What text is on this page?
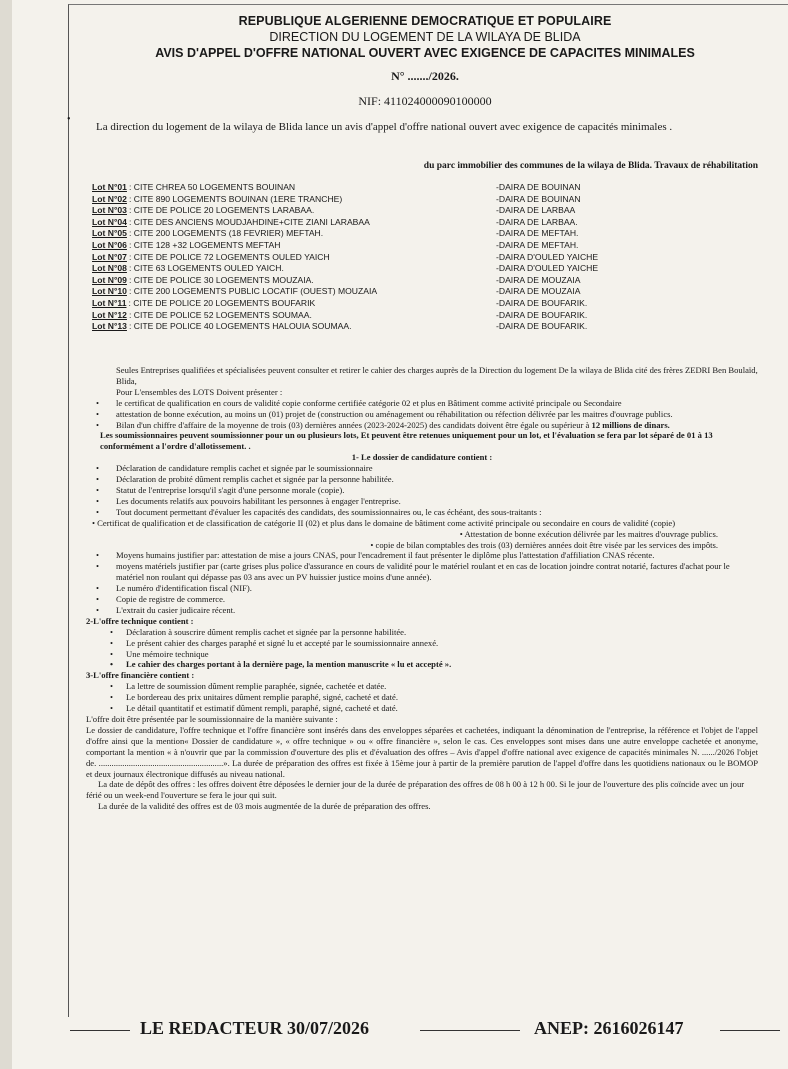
•
REPUBLIQUE ALGERIENNE DEMOCRATIQUE ET POPULAIRE
DIRECTION DU LOGEMENT DE LA WILAYA DE BLIDA
AVIS D'APPEL D'OFFRE NATIONAL OUVERT AVEC EXIGENCE DE CAPACITES MINIMALES
N° ......./2026.
NIF: 411024000090100000
La direction du logement de la wilaya de Blida lance un avis d'appel d'offre national ouvert avec exigence de capacités minimales .
du parc immobilier des communes de la wilaya de Blida. Travaux de réhabilitation
Lot N°01 : CITE CHREA 50 LOGEMENTS BOUINAN	-DAIRA DE BOUINAN
Lot N°02 : CITE 890 LOGEMENTS BOUINAN (1ERE TRANCHE)	-DAIRA DE BOUINAN
Lot N°03 : CITE DE POLICE 20 LOGEMENTS LARABAA.	-DAIRA DE LARBAA
Lot N°04 : CITE DES ANCIENS MOUDJAHDINE+CITE ZIANI LARABAA	-DAIRA DE LARBAA.
Lot N°05 : CITE 200 LOGEMENTS (18 FEVRIER) MEFTAH.	-DAIRA DE MEFTAH.
Lot N°06 : CITE 128 +32 LOGEMENTS MEFTAH	-DAIRA DE MEFTAH.
Lot N°07 : CITE DE POLICE 72 LOGEMENTS OULED YAICH	-DAIRA D'OULED YAICHE
Lot N°08 : CITE 63 LOGEMENTS OULED YAICH.	-DAIRA D'OULED YAICHE
Lot N°09 : CITE DE POLICE 30 LOGEMENTS MOUZAIA.	-DAIRA DE MOUZAIA
Lot N°10 : CITE 200 LOGEMENTS PUBLIC LOCATIF (OUEST) MOUZAIA	-DAIRA DE MOUZAIA
Lot N°11 : CITE DE POLICE 20 LOGEMENTS BOUFARIK	-DAIRA DE BOUFARIK.
Lot N°12 : CITE DE POLICE 52 LOGEMENTS SOUMAA.	-DAIRA DE BOUFARIK.
Lot N°13 : CITE DE POLICE 40 LOGEMENTS HALOUIA SOUMAA.	-DAIRA DE BOUFARIK.

Seules Entreprises qualifiées et spécialisées peuvent consulter et retirer le cahier des charges auprès de la Direction du logement De la wilaya de Blida cité des frères ZEDRI Ben Boulaïd, Blida,

Pour L'ensembles des LOTS Doivent présenter :

• le certificat de qualification en cours de validité copie conforme certifiée catégorie 02 et plus en Bâtiment comme activité principale ou Secondaire

• attestation de bonne exécution, au moins un (01) projet de (construction ou aménagement ou réhabilitation ou réfection délivrée par les maitres d'ouvrage publics.

• Bilan d'un chiffre d'affaire de la moyenne de trois (03) dernières années (2023-2024-2025) des candidats doivent être égale ou supérieur à 12 millions de dinars.

Les soumissionnaires peuvent soumissionner pour un ou plusieurs lots, Et peuvent être retenues uniquement pour un lot, et l'évaluation se fera par lot séparé de 01 à 13 conformément a l'ordre d'allotissement. .

1- Le dossier de candidature contient :

• Déclaration de candidature remplis cachet et signée par le soumissionnaire

• Déclaration de probité dûment remplis cachet et signée par la personne habilitée.

• Statut de l'entreprise lorsqu'il s'agit d'une personne morale (copie).

• Les documents relatifs aux pouvoirs habilitant les personnes à engager l'entreprise.

• Tout document permettant d'évaluer les capacités des candidats, des soumissionnaires ou, le cas échéant, des sous-traitants :

• Certificat de qualification et de classification de catégorie II (02) et plus dans le domaine de bâtiment come activité principale ou secondaire en cours de validité (copie)

• Attestation de bonne exécution délivrée par les maitres d'ouvrage publics.

• copie de bilan comptables des trois (03) dernières années doit être visée par les services des impôts.

• Moyens humains justifier par: attestation de mise a jours CNAS, pour l'encadrement il faut présenter le diplôme plus l'attestation d'affiliation CNAS récente.

• moyens matériels justifier par (carte grises plus police d'assurance en cours de validité pour le matériel roulant et en cas de location joindre contrat notarié, factures d'achat pour le matériel non roulant qui dépasse pas 03 ans avec un PV huissier justice moins d'une année).

• Le numéro d'identification fiscal (NIF).

• Copie de registre de commerce.

• L'extrait du casier judicaire récent.

2-L'offre technique contient :

• Déclaration à souscrire dûment remplis cachet et signée par la personne habilitée.

• Le présent cahier des charges paraphé et signé lu et accepté par le soumissionnaire annexé.

• Une mémoire technique

• Le cahier des charges portant à la dernière page, la mention manuscrite « lu et accepté ».

3-L'offre financière contient :

• La lettre de soumission dûment remplie paraphée, signée, cachetée et datée.

• Le bordereau des prix unitaires dûment remplie paraphé, signé, cacheté et daté.

• Le détail quantitatif et estimatif dûment rempli, paraphé, signé, cacheté et daté.

L'offre doit être présentée par le soumissionnaire de la manière suivante :

Le dossier de candidature, l'offre technique et l'offre financière sont insérés dans des enveloppes séparées et cachetées, indiquant la dénomination de l'entreprise, la référence et l'objet de l'appel d'offre ainsi que la mention« Dossier de candidature », « offre technique » ou « offre financière », selon le cas. Ces enveloppes sont mises dans une autre enveloppe cachetée et anonyme, comportant la mention « à n'ouvrir que par la commission d'ouverture des plis et d'évaluation des offres – Avis d'appel d'offre national avec exigence de capacités minimales N. ....../2026 l'objet de. ..........................................................». La durée de préparation des offres est fixée à 15ème jour à partir de la première parution de l'appel d'offre dans les quotidiens nationaux ou le BOMOP et deux journaux électronique diffusés au niveau national.

La date de dépôt des offres : les offres doivent être déposées le dernier jour de la durée de préparation des offres de 08 h 00 à 12 h 00. Si le jour de l'ouverture des plis coïncide avec un jour férié ou un week-end l'ouverture se fera le jour qui suit.

La durée de la validité des offres est de 03 mois augmentée de la durée de préparation des offres.

LE REDACTEUR 30/07/2026	ANEP: 2616026147
